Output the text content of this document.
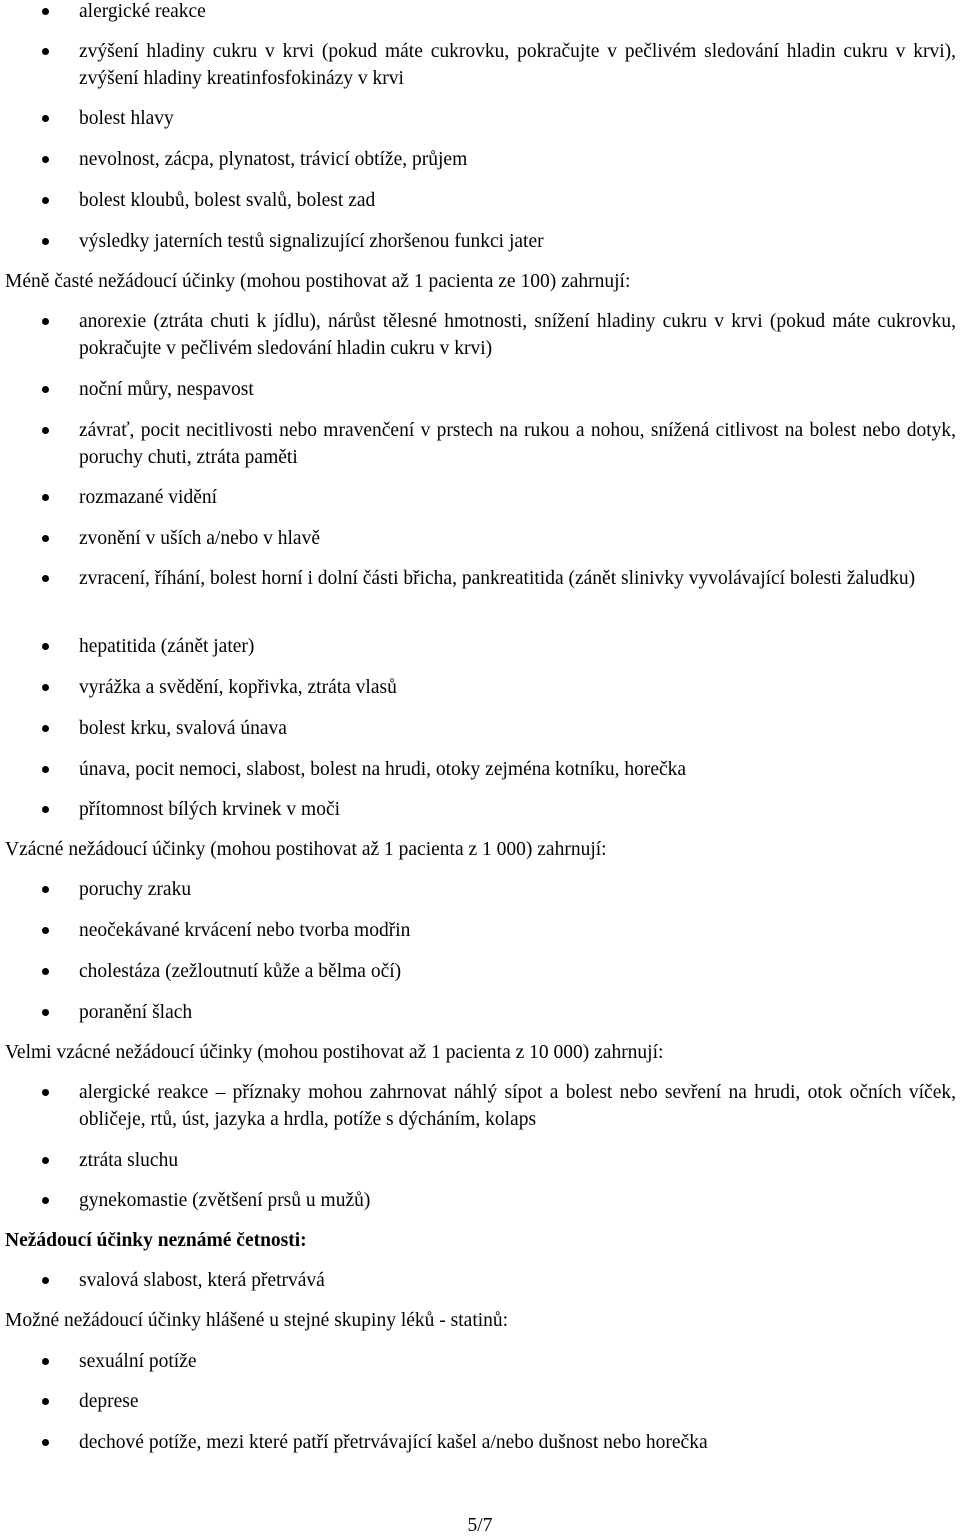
alergické reakce
zvýšení hladiny cukru v krvi (pokud máte cukrovku, pokračujte v pečlivém sledování hladin cukru v krvi), zvýšení hladiny kreatinfosfokinázy v krvi
bolest hlavy
nevolnost, zácpa, plynatost, trávicí obtíže, průjem
bolest kloubů, bolest svalů, bolest zad
výsledky jaterních testů signalizující zhoršenou funkci jater
Méně časté nežádoucí účinky (mohou postihovat až 1 pacienta ze 100) zahrnují:
anorexie (ztráta chuti k jídlu), nárůst tělesné hmotnosti, snížení hladiny cukru v krvi (pokud máte cukrovku, pokračujte v pečlivém sledování hladin cukru v krvi)
noční můry, nespavost
závrať, pocit necitlivosti nebo mravenčení v prstech na rukou a nohou, snížená citlivost na bolest nebo dotyk, poruchy chuti, ztráta paměti
rozmazané vidění
zvonění v uších a/nebo v hlavě
zvracení, říhání, bolest horní i dolní části břicha, pankreatitida (zánět slinivky vyvolávající bolesti žaludku)
hepatitida (zánět jater)
vyrážka a svědění, kopřivka, ztráta vlasů
bolest krku, svalová únava
únava, pocit nemoci, slabost, bolest na hrudi, otoky zejména kotníku, horečka
přítomnost bílých krvinek v moči
Vzácné nežádoucí účinky (mohou postihovat až 1 pacienta z 1 000) zahrnují:
poruchy zraku
neočekávané krvácení nebo tvorba modřin
cholestáza (zežloutnutí kůže a bělma očí)
poranění šlach
Velmi vzácné nežádoucí účinky (mohou postihovat až 1 pacienta z 10 000) zahrnují:
alergické reakce – příznaky mohou zahrnovat náhlý sípot a bolest nebo sevření na hrudi, otok očních víček, obličeje, rtů, úst, jazyka a hrdla, potíže s dýcháním, kolaps
ztráta sluchu
gynekomastie (zvětšení prsů u mužů)
Nežádoucí účinky neznámé četnosti:
svalová slabost, která přetrvává
Možné nežádoucí účinky hlášené u stejné skupiny léků - statinů:
sexuální potíže
deprese
dechové potíže, mezi které patří přetrvávající kašel a/nebo dušnost nebo horečka
5/7
